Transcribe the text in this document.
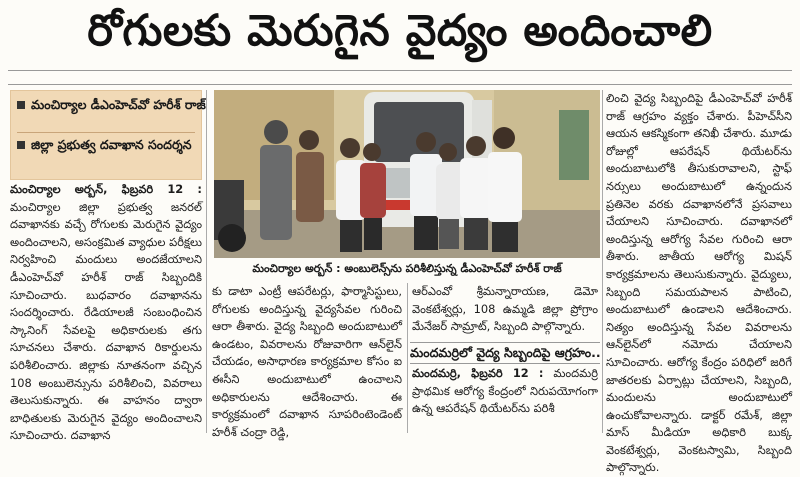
రోగులకు మెరుగైన వైద్యం అందించాలి
మంచిర్యాల డీఎంహెచ్‌వో హరీశ్ రాజ్
జిల్లా ప్రభుత్వ దవాఖాన సందర్శన

మంచిర్యాల అర్బన్, ఫిబ్రవరి 12 : మంచిర్యాల జిల్లా ప్రభుత్వ జనరల్ దవాఖానకు వచ్చే రోగులకు మెరుగైన వైద్యం అందించాలని, అసంక్రమిత వ్యాధుల పరీక్షలు నిర్వహించి మందులు అందజేయాలని డీఎంహెచ్‌వో హరీశ్ రాజ్ సిబ్బందికి సూచించారు. బుధవారం దవాఖానను సందర్శించారు. రేడియాలజీ సంబంధించిన స్కానింగ్ సేవలపై అధికారులకు తగు సూచనలు చేశారు. దవాఖాన రికార్డులను పరిశీలించారు. జిల్లాకు నూతనంగా వచ్చిన 108 అంబులెన్సును పరిశీలించి, వివరాలు తెలుసుకున్నారు. ఈ వాహనం ద్వారా బాధితులకు మెరుగైన వైద్యం అందించాలని సూచించారు. దవాఖాన

మంచిర్యాల అర్బన్ : అంబులెన్స్‌ను పరిశీలిస్తున్న డీఎంహెచ్‌వో హరీశ్ రాజ్

కు డాటా ఎంట్రీ ఆపరేటర్లు, ఫార్మాసిస్టులు, రోగులకు అందిస్తున్న వైద్యసేవల గురించి ఆరా తీశారు. వైద్య సిబ్బంది అందుబాటులో ఉండటం, వివరాలను రోజువారిగా ఆన్‌లైన్ చేయడం, అసాధారణ కార్యక్రమాల కోసం ఐ ఈసీని అందుబాటులో ఉంచాలని అధికారులను ఆదేశించారు. ఈ కార్యక్రమంలో దవాఖాన సూపరింటెండెంట్ హరీశ్ చంద్రా రెడ్డి,

ఆర్ఎంవో శ్రీమన్నారాయణ, డెమో వెంకటేశ్వర్లు, 108 ఉమ్మడి జిల్లా ప్రోగ్రాం మేనేజర్ సామ్రాట్, సిబ్బంది పాల్గొన్నారు.

మందమర్రిలో వైద్య సిబ్బందిపై ఆగ్రహం..

మందమర్రి, ఫిబ్రవరి 12 : మందమర్రి ప్రాథమిక ఆరోగ్య కేంద్రంలో నిరుపయోగంగా ఉన్న ఆపరేషన్ థియేటర్‌ను పరిశీ

లించి వైద్య సిబ్బందిపై డీఎంహెచ్‌వో హరీశ్ రాజ్ ఆగ్రహం వ్యక్తం చేశారు. పీహెచ్‌సీని ఆయన ఆకస్మికంగా తనిఖీ చేశారు. మూడు రోజుల్లో ఆపరేషన్ థియేటర్‌ను అందుబాటులోకి తీసుకురావాలని, స్టాఫ్ నర్సులు అందుబాటులో ఉన్నందున ప్రతినెల వరకు దవాఖానలోనే ప్రసవాలు చేయాలని సూచించారు. దవాఖానలో అందిస్తున్న ఆరోగ్య సేవల గురించి ఆరా తీశారు. జాతీయ ఆరోగ్య మిషన్ కార్యక్రమాలను తెలుసుకున్నారు. వైద్యులు, సిబ్బంది సమయపాలన పాటించి, అందుబాటులో ఉండాలని ఆదేశించారు. నిత్యం అందిస్తున్న సేవల వివరాలను ఆన్‌లైన్‌లో నమోదు చేయాలని సూచించారు. ఆరోగ్య కేంద్రం పరిధిలో జరిగే జాతరలకు ఏర్పాట్లు చేయాలని, సిబ్బంది, మందులను అందుబాటులో ఉంచుకోవాలన్నారు. డాక్టర్ రమేశ్, జిల్లా మాస్ మీడియా అధికారి బుక్క వెంకటేశ్వర్లు, వెంకటస్వామి, సిబ్బంది పాల్గొన్నారు.
